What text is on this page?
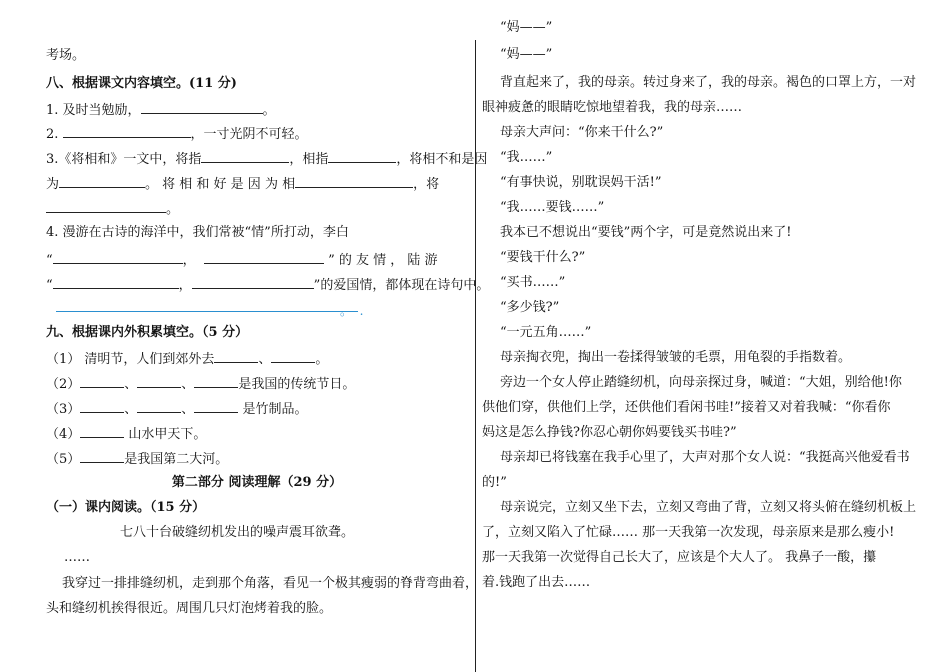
考场。
八、根据课文内容填空。(11 分)
1. 及时当勉励，	。
2.	，一寸光阴不可轻。
3.《将相和》一文中，将指	，相指	，将相不和是因
为	。 将 相 和 好 是 因 为 相	，将
。
4. 漫游在古诗的海洋中，我们常被“情”所打动，李白
“	，	” 的 友 情 ， 陆 游
“	，	”的爱国情，都体现在诗句中。
。  .
九、根据课内外积累填空。（5 分）
（1） 清明节，人们到郊外去	、	。
（2）	、	、	是我国的传统节日。
（3）	、	、	是竹制品。
（4）	山水甲天下。
（5）	是我国第二大河。
第二部分 阅读理解（29 分）
（一）课内阅读。（15 分）
七八十台破缝纫机发出的噪声震耳欲聋。
……
我穿过一排排缝纫机，走到那个角落，看见一个极其瘦弱的脊背弯曲着，
头和缝纫机挨得很近。周围几只灯泡烤着我的脸。
“妈——”
“妈——”
背直起来了，我的母亲。转过身来了，我的母亲。褐色的口罩上方，一对
眼神疲惫的眼睛吃惊地望着我，我的母亲……
母亲大声问：“你来干什么?”
“我……”
“有事快说，别耽误妈干活!”
“我……要钱……”
我本已不想说出“要钱”两个字，可是竟然说出来了!
“要钱干什么?”
“买书……”
“多少钱?”
“一元五角……”
母亲掏衣兜，掏出一卷揉得皱皱的毛票，用龟裂的手指数着。
旁边一个女人停止踏缝纫机，向母亲探过身，喊道：“大姐，别给他!你
供他们穿，供他们上学，还供他们看闲书哇!”接着又对着我喊：“你看你
妈这是怎么挣钱?你忍心朝你妈要钱买书哇?”
母亲却已将钱塞在我手心里了，大声对那个女人说：“我挺高兴他爱看书
的!”
母亲说完，立刻又坐下去，立刻又弯曲了背，立刻又将头俯在缝纫机板上
了，立刻又陷入了忙碌…… 那一天我第一次发现，母亲原来是那么瘦小!
那一天我第一次觉得自己长大了，应该是个大人了。 我鼻子一酸，攥
着.钱跑了出去……
